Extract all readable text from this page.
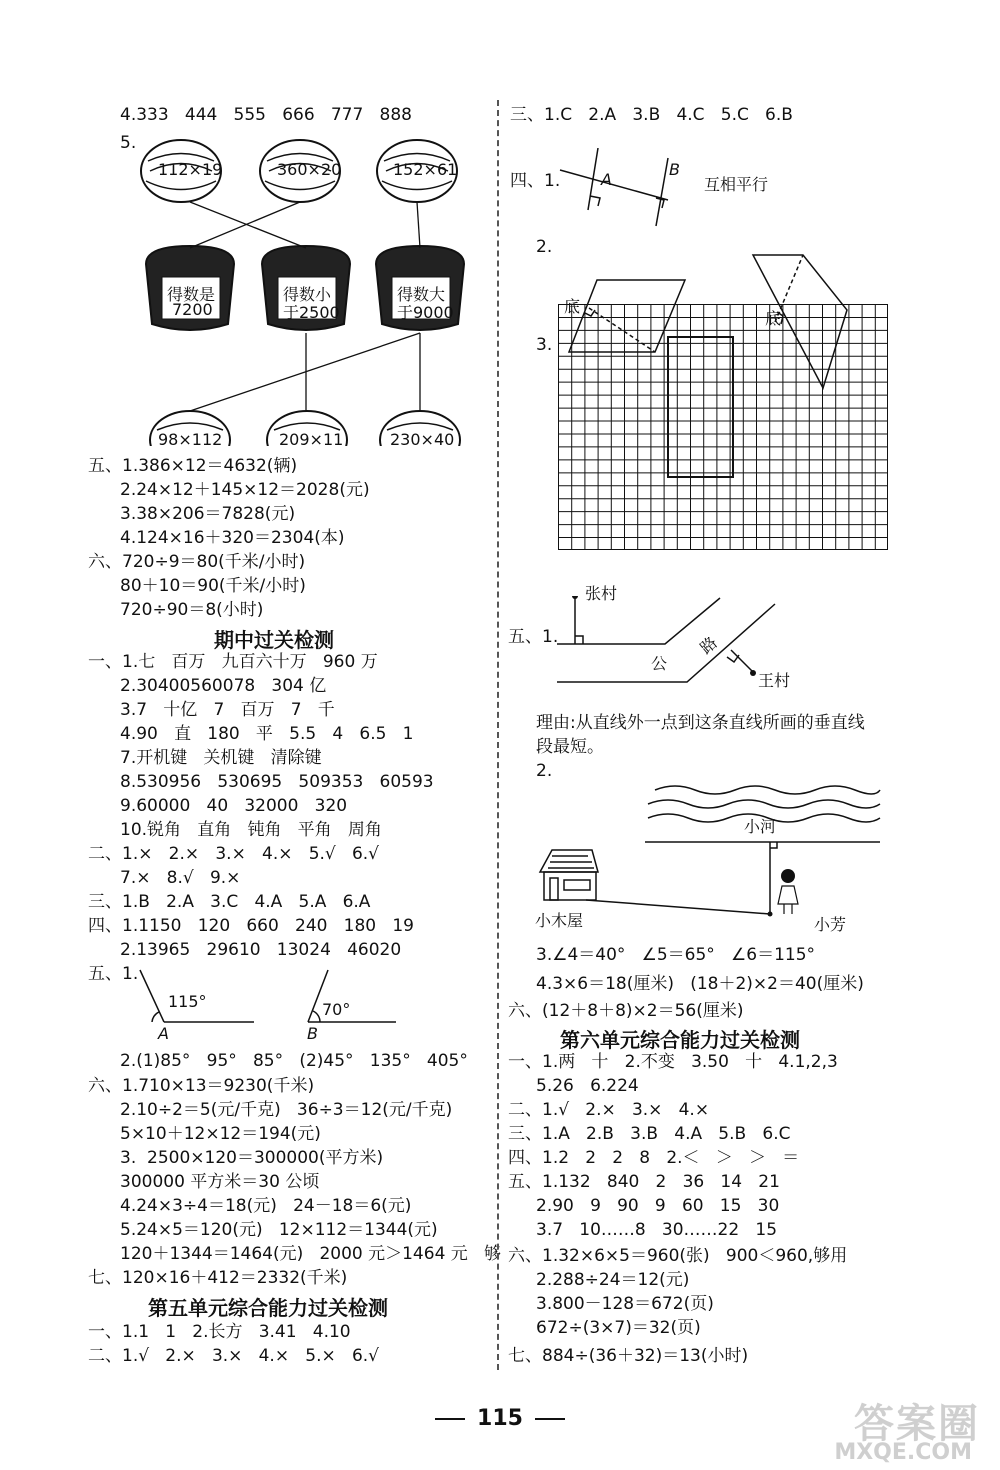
4.333   444   555   666   777   888
5.
112×19	360×20	152×61
得数是
7200
得数小
于2500
得数大
于9000
98×112	209×11	230×40
五、1.386×12＝4632(辆)
2.24×12＋145×12＝2028(元)
3.38×206＝7828(元)
4.124×16＋320＝2304(本)
六、720÷9＝80(千米/小时)
80＋10＝90(千米/小时)
720÷90＝8(小时)
期中过关检测
一、1.七   百万   九百六十万   960 万
2.30400560078   304 亿
3.7   十亿   7   百万   7   千
4.90   直   180   平   5.5   4   6.5   1
7.开机键   关机键   清除键
8.530956   530695   509353   60593
9.60000   40   32000   320
10.锐角   直角   钝角   平角   周角
二、1.×   2.×   3.×   4.×   5.√   6.√
7.×   8.√   9.×
三、1.B   2.A   3.C   4.A   5.A   6.A
四、1.1150   120   660   240   180   19
2.13965   29610   13024   46020
五、1.
115°
A
70°
B
2.(1)85°   95°   85°   (2)45°   135°   405°
六、1.710×13＝9230(千米)
2.10÷2＝5(元/千克)   36÷3＝12(元/千克)
5×10＋12×12＝194(元)
3.  2500×120＝300000(平方米)
300000 平方米＝30 公顷
4.24×3÷4＝18(元)   24－18＝6(元)
5.24×5＝120(元)   12×112＝1344(元)
120＋1344＝1464(元)   2000 元＞1464 元   够
七、120×16＋412＝2332(千米)
第五单元综合能力过关检测
一、1.1   1   2.长方   3.41   4.10
二、1.√   2.×   3.×   4.×   5.×   6.√
三、1.C   2.A   3.B   4.C   5.C   6.B
四、1.	A
B
互相平行
2.
底
底
3.
五、1.
张村
公
路
王村
理由:从直线外一点到这条直线所画的垂直线
段最短。
2.
小河
小木屋	小芳
3.∠4＝40°   ∠5＝65°   ∠6＝115°
4.3×6＝18(厘米)   (18＋2)×2＝40(厘米)
六、(12＋8＋8)×2＝56(厘米)
第六单元综合能力过关检测
一、1.两   十   2.不变   3.50   十   4.1,2,3
5.26   6.224
二、1.√   2.×   3.×   4.×
三、1.A   2.B   3.B   4.A   5.B   6.C
四、1.2   2   2   8   2.＜   ＞   ＞   ＝
五、1.132   840   2   36   14   21
2.90   9   90   9   60   15   30
3.7   10……8   30……22   15
六、1.32×6×5＝960(张)   900＜960,够用
2.288÷24＝12(元)
3.800－128＝672(页)
672÷(3×7)＝32(页)
七、884÷(36＋32)＝13(小时)
115	答案圈
MXQE.COM
